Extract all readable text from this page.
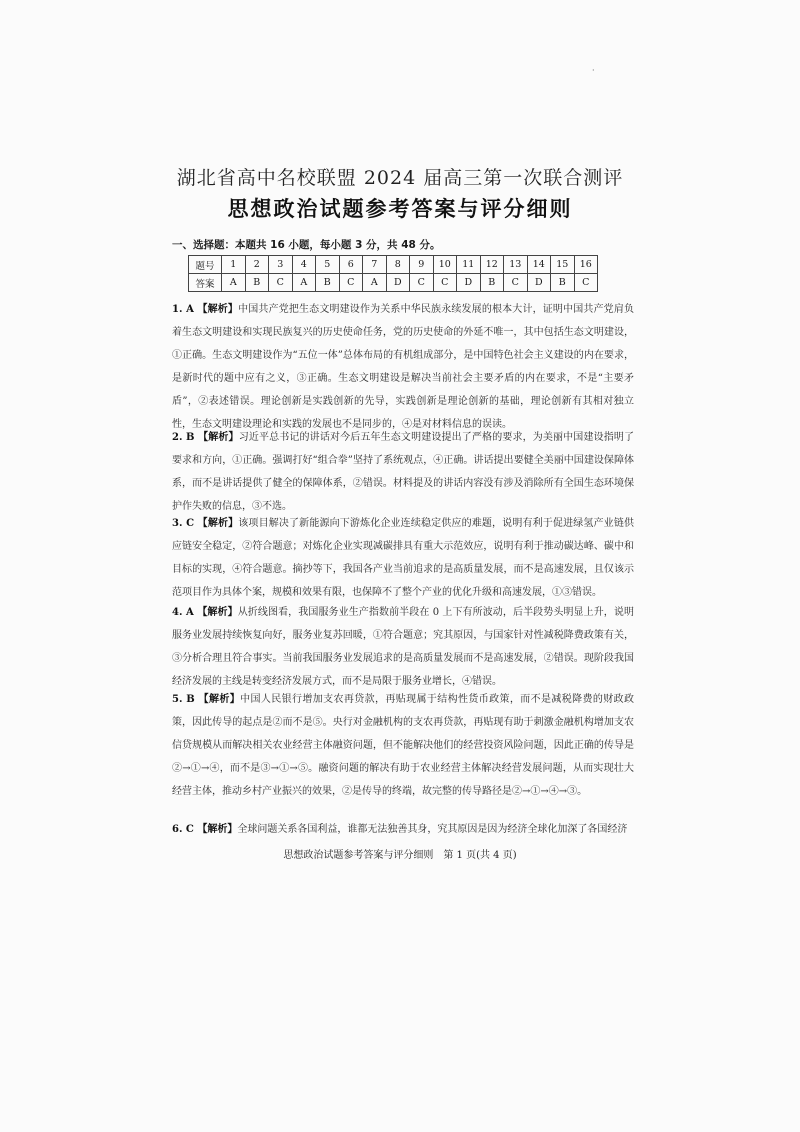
·
湖北省高中名校联盟 2024 届高三第一次联合测评
思想政治试题参考答案与评分细则
一、选择题：本题共 16 小题，每小题 3 分，共 48 分。
题号	1	2	3	4	5	6	7	8	9	10	11	12	13	14	15	16
答案	A	B	C	A	B	C	A	D	C	C	D	B	C	D	B	C
1. A 【解析】中国共产党把生态文明建设作为关系中华民族永续发展的根本大计，证明中国共产党肩负着生态文明建设和实现民族复兴的历史使命任务，党的历史使命的外延不唯一，其中包括生态文明建设，①正确。生态文明建设作为“五位一体”总体布局的有机组成部分，是中国特色社会主义建设的内在要求，是新时代的题中应有之义，③正确。生态文明建设是解决当前社会主要矛盾的内在要求，不是“主要矛盾”，②表述错误。理论创新是实践创新的先导，实践创新是理论创新的基础，理论创新有其相对独立性，生态文明建设理论和实践的发展也不是同步的，④是对材料信息的误读。
2. B 【解析】习近平总书记的讲话对今后五年生态文明建设提出了严格的要求，为美丽中国建设指明了要求和方向，①正确。强调打好“组合拳”坚持了系统观点，④正确。讲话提出要健全美丽中国建设保障体系，而不是讲话提供了健全的保障体系，②错误。材料提及的讲话内容没有涉及消除所有全国生态环境保护作失败的信息，③不选。
3. C 【解析】该项目解决了新能源向下游炼化企业连续稳定供应的难题，说明有利于促进绿氢产业链供应链安全稳定，②符合题意；对炼化企业实现减碳排具有重大示范效应，说明有利于推动碳达峰、碳中和目标的实现，④符合题意。摘抄等下，我国各产业当前追求的是高质量发展，而不是高速发展，且仅该示范项目作为具体个案，规模和效果有限，也保障不了整个产业的优化升级和高速发展，①③错误。
4. A 【解析】从折线图看，我国服务业生产指数前半段在 0 上下有所波动，后半段势头明显上升，说明服务业发展持续恢复向好，服务业复苏回暖，①符合题意；究其原因，与国家针对性减税降费政策有关，③分析合理且符合事实。当前我国服务业发展追求的是高质量发展而不是高速发展，②错误。现阶段我国经济发展的主线是转变经济发展方式，而不是局限于服务业增长，④错误。
5. B 【解析】中国人民银行增加支农再贷款，再贴现属于结构性货币政策，而不是减税降费的财政政策，因此传导的起点是②而不是⑤。央行对金融机构的支农再贷款，再贴现有助于刺激金融机构增加支农信贷规模从而解决相关农业经营主体融资问题，但不能解决他们的经营投资风险问题，因此正确的传导是②→①→④，而不是③→①→⑤。融资问题的解决有助于农业经营主体解决经营发展问题，从而实现壮大经营主体，推动乡村产业振兴的效果，②是传导的终端，故完整的传导路径是②→①→④→③。
6. C 【解析】全球问题关系各国利益，谁都无法独善其身，究其原因是因为经济全球化加深了各国经济
思想政治试题参考答案与评分细则　第 1 页(共 4 页)
